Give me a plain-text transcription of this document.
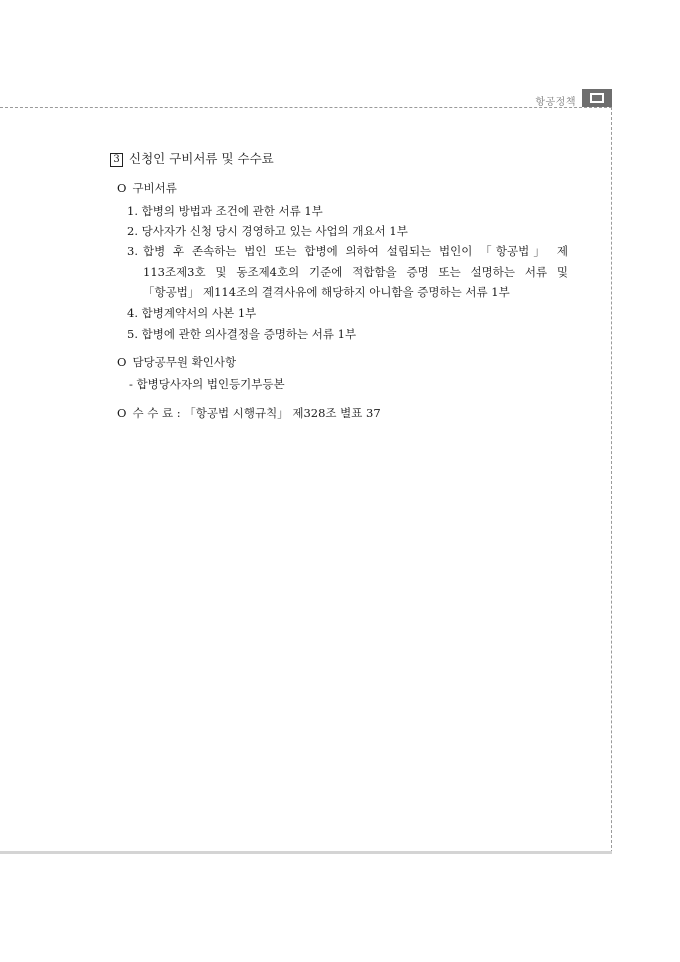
항공정책
3 신청인 구비서류 및 수수료
O 구비서류
1. 합병의 방법과 조건에 관한 서류 1부
2. 당사자가 신청 당시 경영하고 있는 사업의 개요서 1부
3. 합병 후 존속하는 법인 또는 합병에 의하여 설립되는 법인이 「항공법」 제
113조제3호 및 동조제4호의 기준에 적합함을 증명 또는 설명하는 서류 및
「항공법」 제114조의 결격사유에 해당하지 아니함을 증명하는 서류 1부
4. 합병계약서의 사본 1부
5. 합병에 관한 의사결정을 증명하는 서류 1부
O 담당공무원 확인사항
- 합병당사자의 법인등기부등본
O 수 수 료 : 「항공법 시행규칙」 제328조 별표 37
